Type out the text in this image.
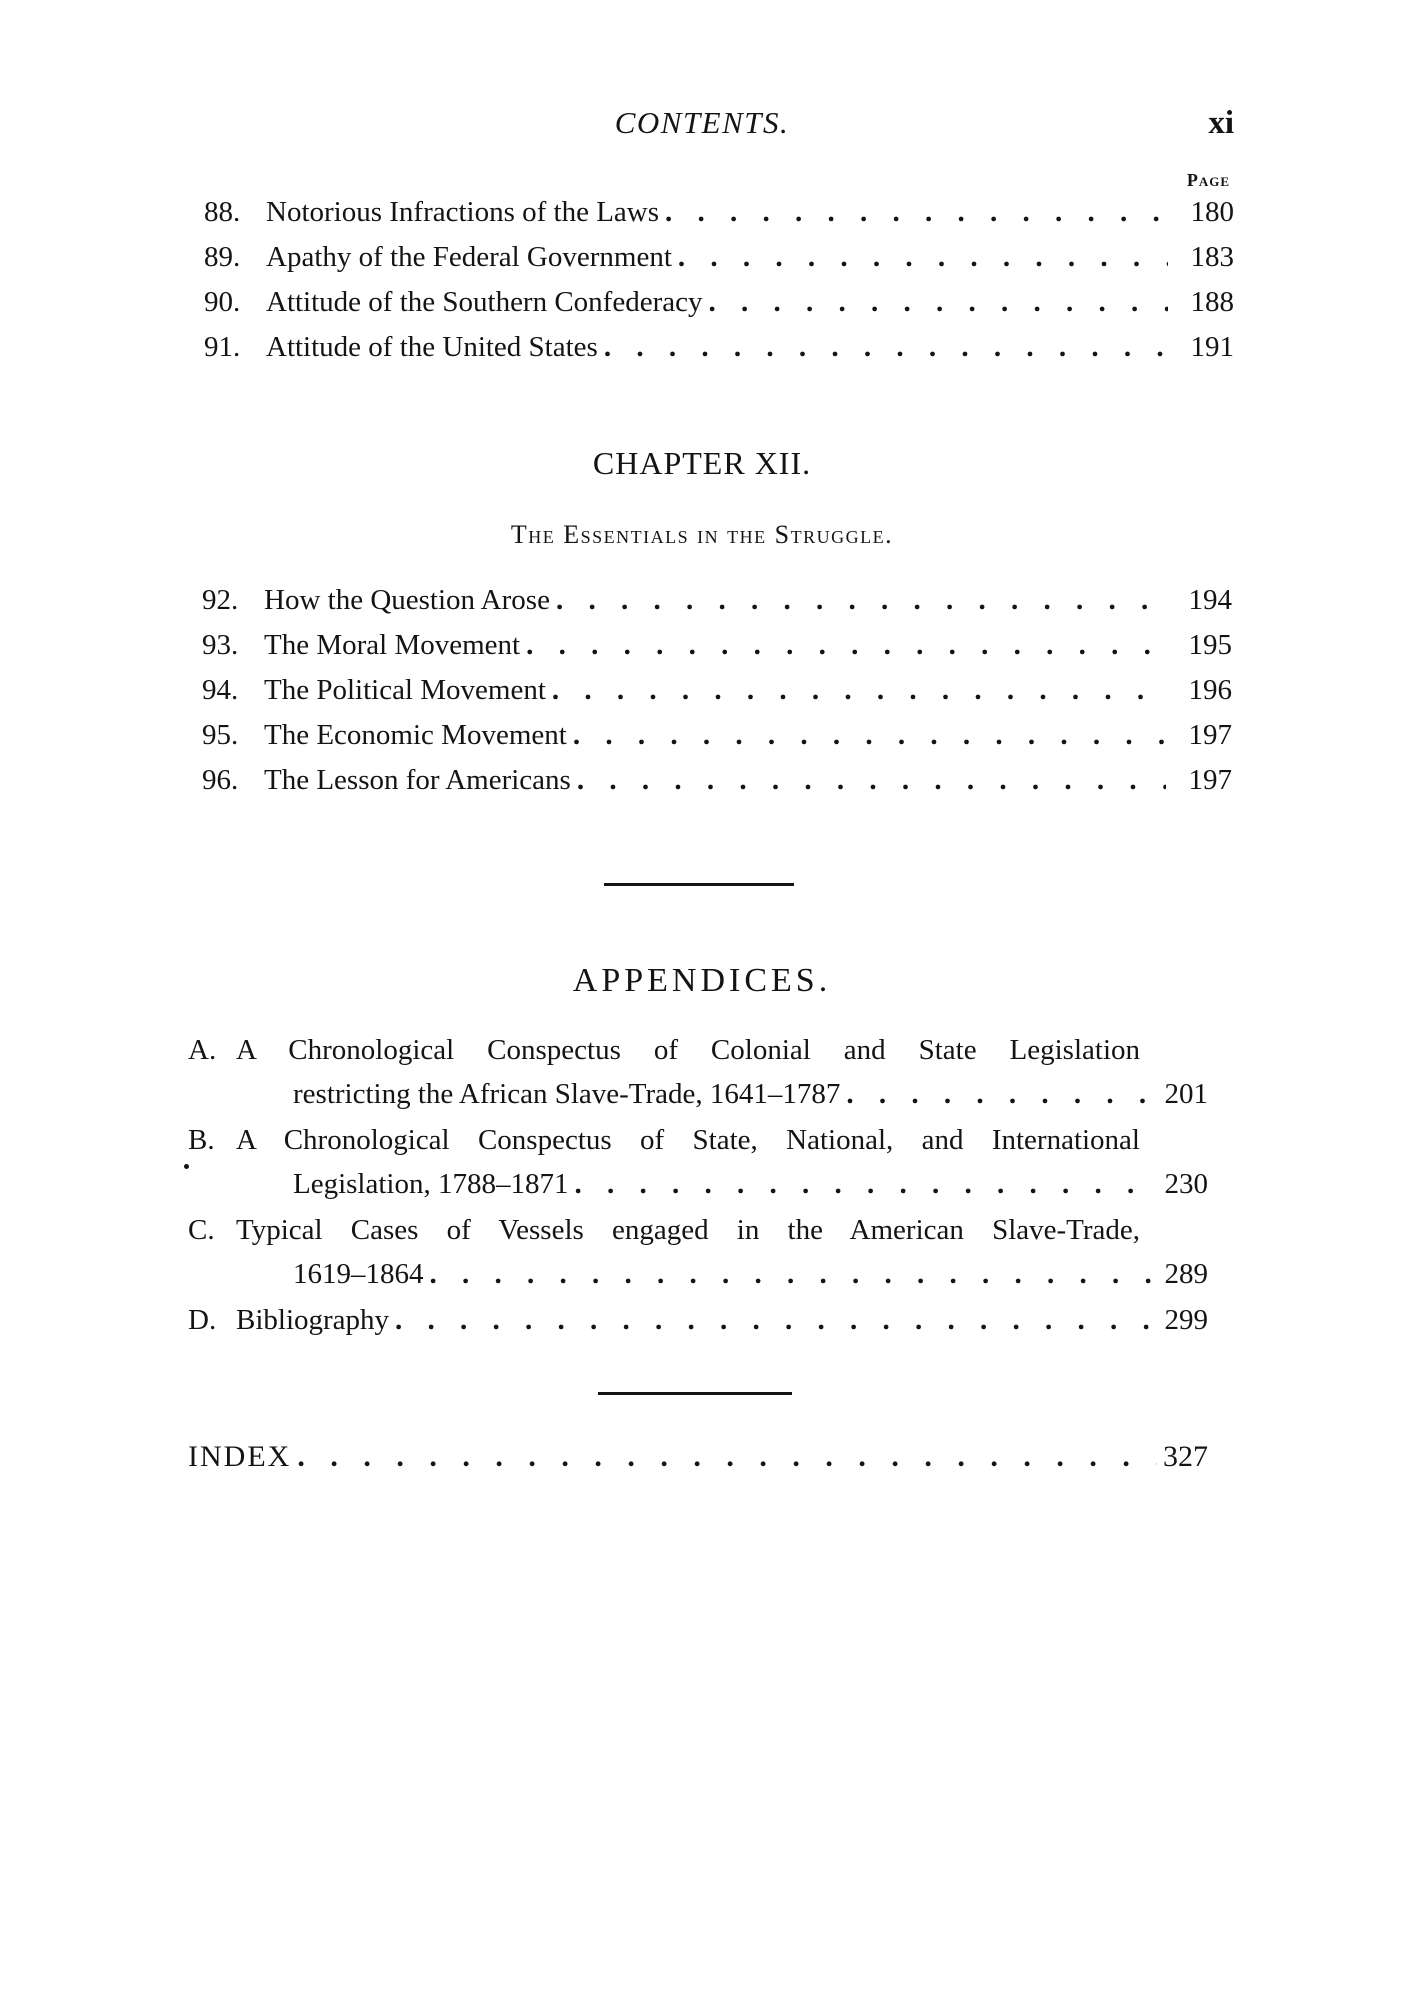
CONTENTS.	xi
Page
88. Notorious Infractions of the Laws . . .	180
89. Apathy of the Federal Government . . .	183
90. Attitude of the Southern Confederacy . . .	188
91. Attitude of the United States . . .	191
CHAPTER XII.
The Essentials in the Struggle.
92. How the Question Arose . . .	194
93. The Moral Movement . . .	195
94. The Political Movement . . .	196
95. The Economic Movement . . .	197
96. The Lesson for Americans . . .	197
APPENDICES.
A. A Chronological Conspectus of Colonial and State Legislation
restricting the African Slave-Trade, 1641–1787 . . .	201
B. A Chronological Conspectus of State, National, and International
Legislation, 1788–1871 . . .	230
C. Typical Cases of Vessels engaged in the American Slave-Trade,
1619–1864 . . .	289
D. Bibliography . . .	299
INDEX . . .	327
